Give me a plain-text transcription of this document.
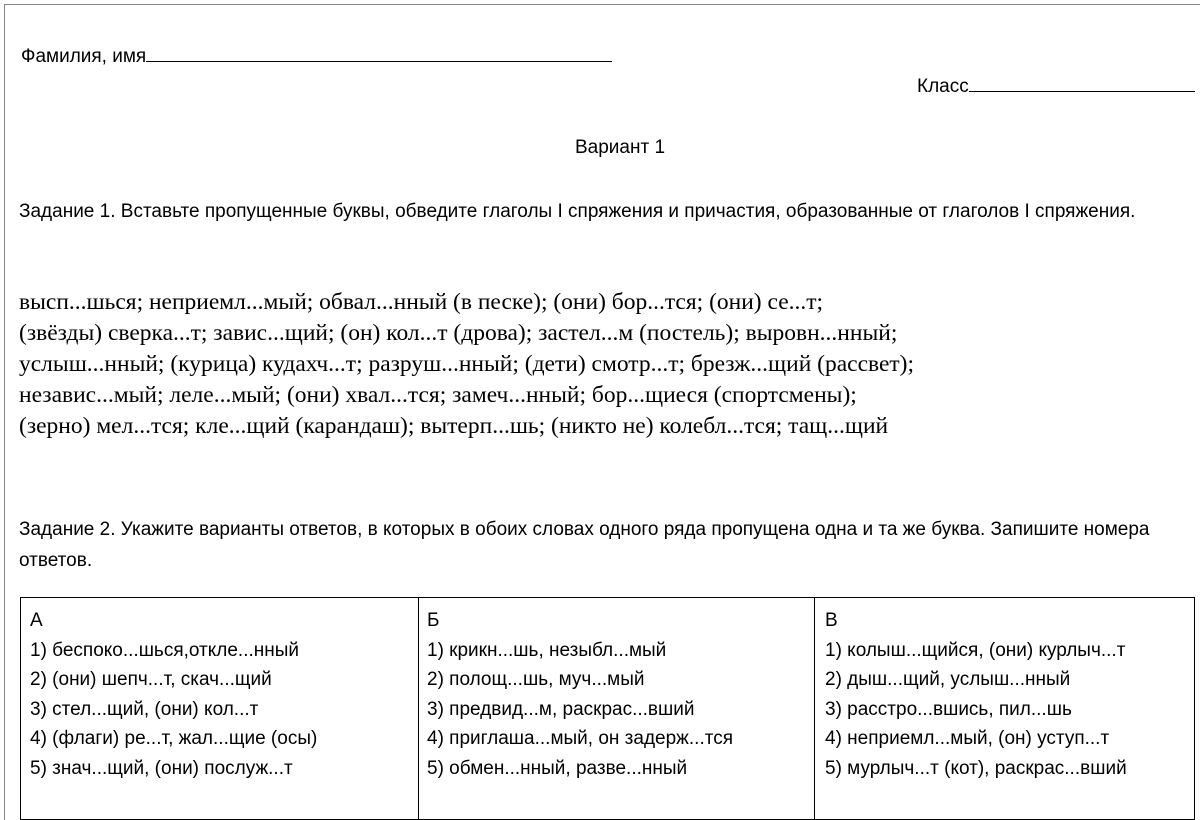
Фамилия, имя
Класс
Вариант 1
Задание 1. Вставьте пропущенные буквы, обведите глаголы I спряжения и причастия, образованные от глаголов I спряжения.
высп...шься; неприемл...мый; обвал...нный (в песке); (они) бор...тся; (они) се...т;
(звёзды) сверка...т; завис...щий; (он) кол...т (дрова); застел...м (постель); выровн...нный;
услыш...нный; (курица) кудахч...т; разруш...нный; (дети) смотр...т; брезж...щий (рассвет);
независ...мый; леле...мый; (они) хвал...тся; замеч...нный; бор...щиеся (спортсмены);
(зерно) мел...тся; кле...щий (карандаш); вытерп...шь; (никто не) колебл...тся; тащ...щий
Задание 2. Укажите варианты ответов, в которых в обоих словах одного ряда пропущена одна и та же буква. Запишите номера ответов.
А
1) беспоко...шься,откле...нный
2) (они) шепч...т, скач...щий
3) стел...щий, (они) кол...т
4) (флаги) ре...т, жал...щие (осы)
5) знач...щий, (они) послуж...т

Б
1) крикн...шь, незыбл...мый
2) полощ...шь, муч...мый
3) предвид...м, раскрас...вший
4) приглаша...мый, он задерж...тся
5) обмен...нный, разве...нный

В
1) колыш...щийся, (они) курлыч...т
2) дыш...щий, услыш...нный
3) расстро...вшись, пил...шь
4) неприемл...мый, (он) уступ...т
5) мурлыч...т (кот), раскрас...вший
